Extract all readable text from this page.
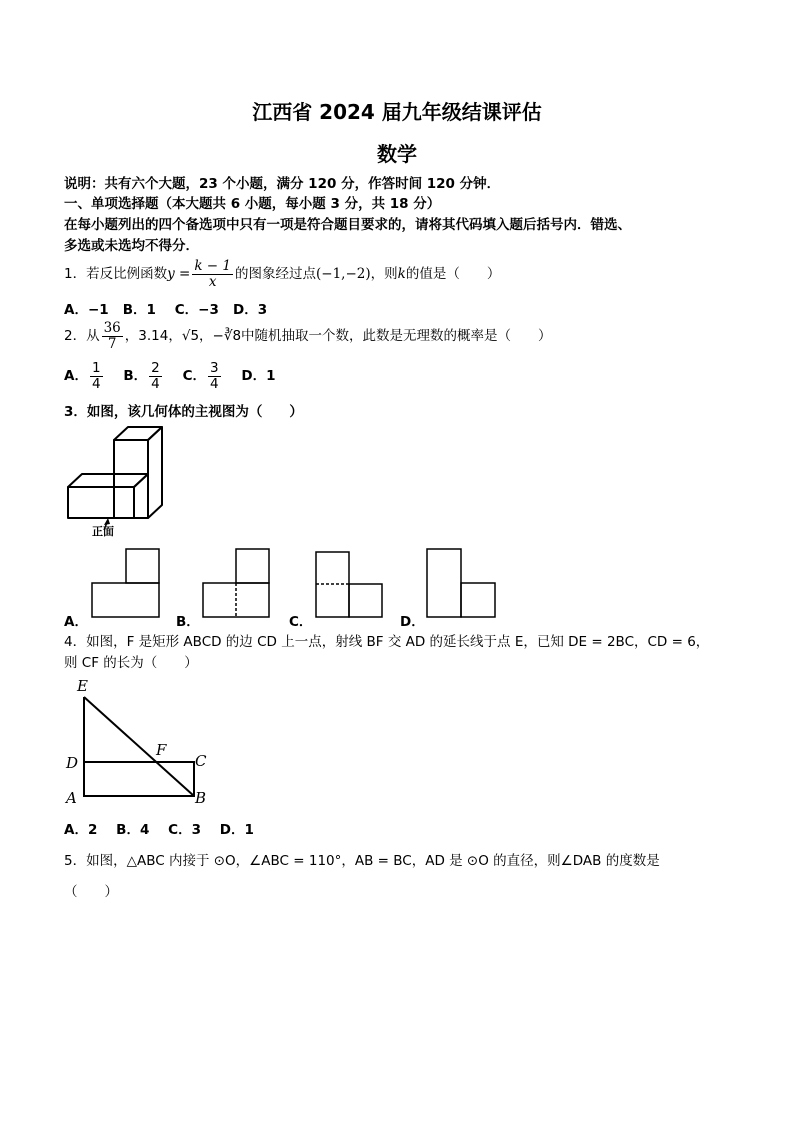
江西省 2024 届九年级结课评估
数学
说明：共有六个大题，23 个小题，满分 120 分，作答时间 120 分钟．
一、单项选择题（本大题共 6 小题，每小题 3 分，共 18 分）
在每小题列出的四个备选项中只有一项是符合题目要求的，请将其代码填入题后括号内．错选、
多选或未选均不得分．
1．若反比例函数$y = \frac{k - 1}{x}$ 的图象经过点(−1,−2)，则k的值是（　　）
A．−1 B．1 C．−3 D．3
2．从 $\frac{36}{7}$ ，3.14，√5，−∛8中随机抽取一个数，此数是无理数的概率是（　　）
A． $\frac{1}{4}$ B． $\frac{2}{4}$ C． $\frac{3}{4}$ D．1
3．如图，该几何体的主视图为（　　）
正面
A．	B．	C．	D．
4．如图，F 是矩形 ABCD 的边 CD 上一点，射线 BF 交 AD 的延长线于点 E，已知 DE = 2BC，CD = 6，
则 CF 的长为（　　）
E
D
F
C
A	B
A．2 B．4 C．3 D．1
5．如图，△ABC 内接于 ⊙O，∠ABC = 110°，AB = BC，AD 是 ⊙O 的直径，则∠DAB 的度数是
（　　）
